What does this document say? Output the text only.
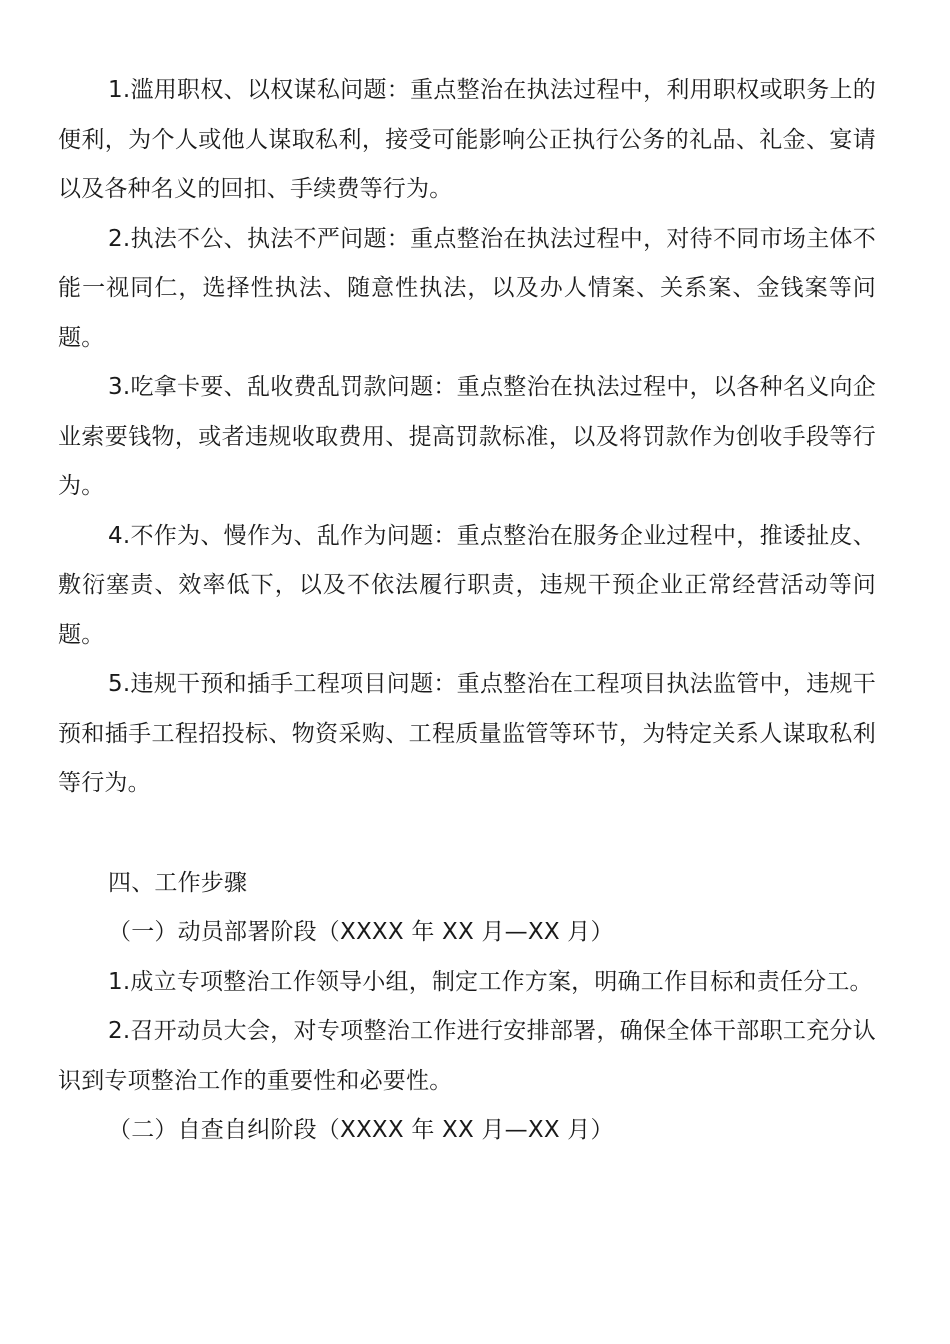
1.滥用职权、以权谋私问题：重点整治在执法过程中，利用职权或职务上的便利，为个人或他人谋取私利，接受可能影响公正执行公务的礼品、礼金、宴请以及各种名义的回扣、手续费等行为。

2.执法不公、执法不严问题：重点整治在执法过程中，对待不同市场主体不能一视同仁，选择性执法、随意性执法，以及办人情案、关系案、金钱案等问题。

3.吃拿卡要、乱收费乱罚款问题：重点整治在执法过程中，以各种名义向企业索要钱物，或者违规收取费用、提高罚款标准，以及将罚款作为创收手段等行为。

4.不作为、慢作为、乱作为问题：重点整治在服务企业过程中，推诿扯皮、敷衍塞责、效率低下，以及不依法履行职责，违规干预企业正常经营活动等问题。

5.违规干预和插手工程项目问题：重点整治在工程项目执法监管中，违规干预和插手工程招投标、物资采购、工程质量监管等环节，为特定关系人谋取私利等行为。

四、工作步骤

（一）动员部署阶段（XXXX 年 XX 月—XX 月）

1.成立专项整治工作领导小组，制定工作方案，明确工作目标和责任分工。

2.召开动员大会，对专项整治工作进行安排部署，确保全体干部职工充分认识到专项整治工作的重要性和必要性。

（二）自查自纠阶段（XXXX 年 XX 月—XX 月）
